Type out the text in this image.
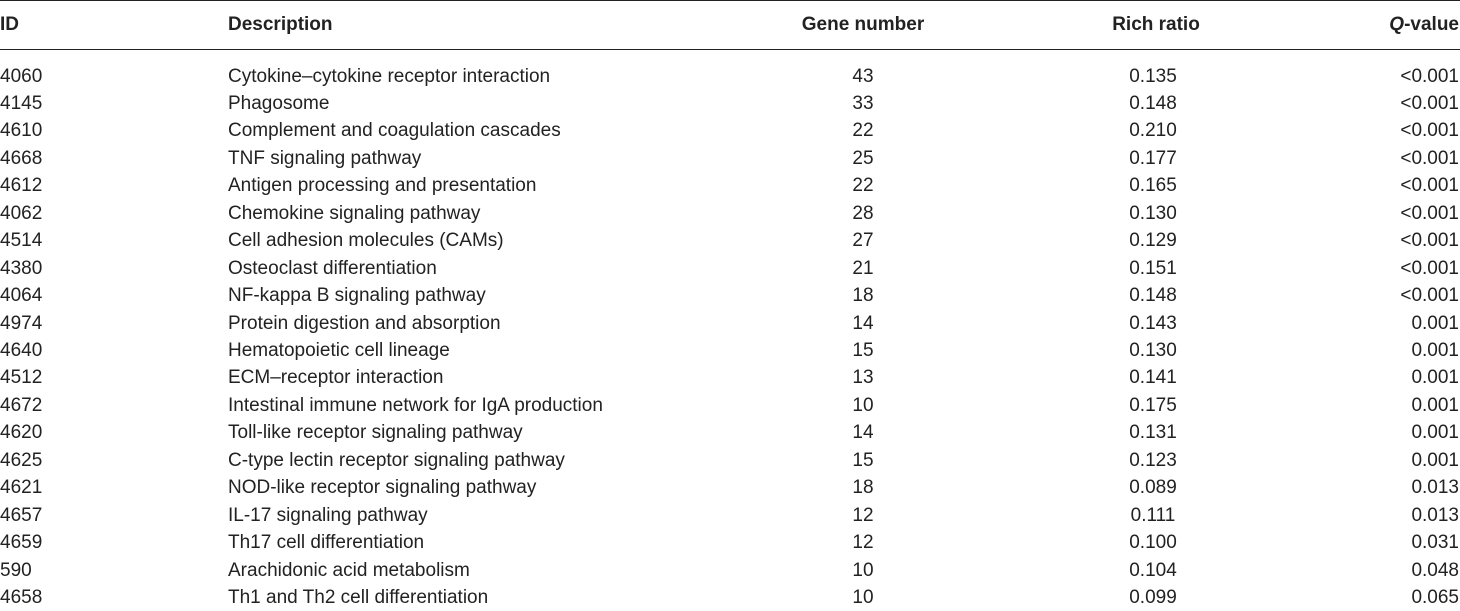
ID	Description	Gene number	Rich ratio	Q-value
4060	Cytokine–cytokine receptor interaction	43	0.135	<0.001
4145	Phagosome	33	0.148	<0.001
4610	Complement and coagulation cascades	22	0.210	<0.001
4668	TNF signaling pathway	25	0.177	<0.001
4612	Antigen processing and presentation	22	0.165	<0.001
4062	Chemokine signaling pathway	28	0.130	<0.001
4514	Cell adhesion molecules (CAMs)	27	0.129	<0.001
4380	Osteoclast differentiation	21	0.151	<0.001
4064	NF-kappa B signaling pathway	18	0.148	<0.001
4974	Protein digestion and absorption	14	0.143	0.001
4640	Hematopoietic cell lineage	15	0.130	0.001
4512	ECM–receptor interaction	13	0.141	0.001
4672	Intestinal immune network for IgA production	10	0.175	0.001
4620	Toll-like receptor signaling pathway	14	0.131	0.001
4625	C-type lectin receptor signaling pathway	15	0.123	0.001
4621	NOD-like receptor signaling pathway	18	0.089	0.013
4657	IL-17 signaling pathway	12	0.111	0.013
4659	Th17 cell differentiation	12	0.100	0.031
590	Arachidonic acid metabolism	10	0.104	0.048
4658	Th1 and Th2 cell differentiation	10	0.099	0.065
